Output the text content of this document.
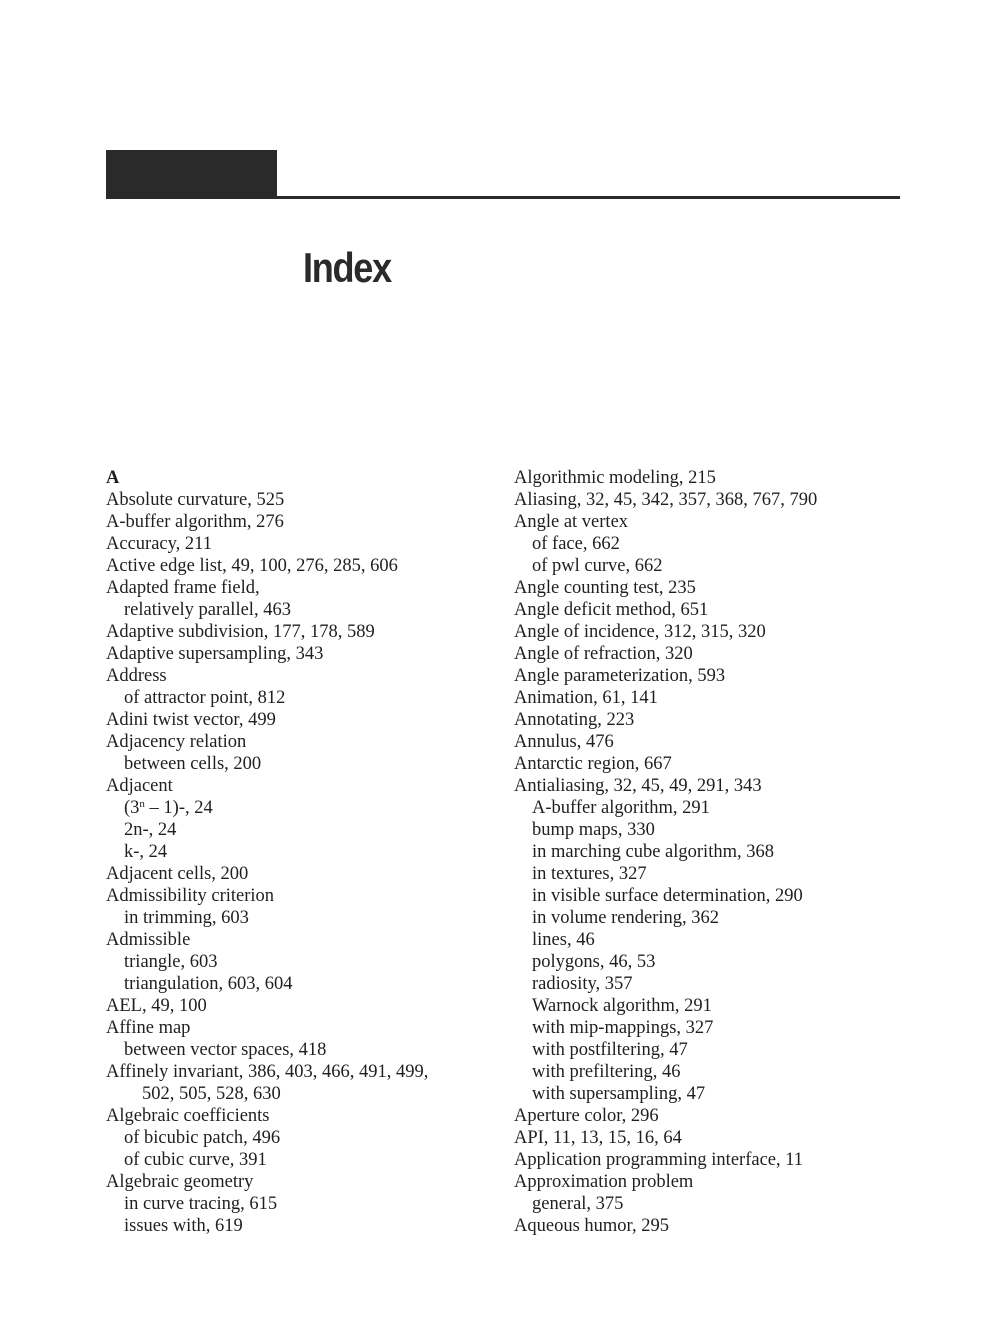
Index
A
Absolute curvature, 525
A-buffer algorithm, 276
Accuracy, 211
Active edge list, 49, 100, 276, 285, 606
Adapted frame field,
relatively parallel, 463
Adaptive subdivision, 177, 178, 589
Adaptive supersampling, 343
Address
of attractor point, 812
Adini twist vector, 499
Adjacency relation
between cells, 200
Adjacent
(3$^n$ – 1)-, 24
2n-, 24
k-, 24
Adjacent cells, 200
Admissibility criterion
in trimming, 603
Admissible
triangle, 603
triangulation, 603, 604
AEL, 49, 100
Affine map
between vector spaces, 418
Affinely invariant, 386, 403, 466, 491, 499,
502, 505, 528, 630
Algebraic coefficients
of bicubic patch, 496
of cubic curve, 391
Algebraic geometry
in curve tracing, 615
issues with, 619
Algorithmic modeling, 215
Aliasing, 32, 45, 342, 357, 368, 767, 790
Angle at vertex
of face, 662
of pwl curve, 662
Angle counting test, 235
Angle deficit method, 651
Angle of incidence, 312, 315, 320
Angle of refraction, 320
Angle parameterization, 593
Animation, 61, 141
Annotating, 223
Annulus, 476
Antarctic region, 667
Antialiasing, 32, 45, 49, 291, 343
A-buffer algorithm, 291
bump maps, 330
in marching cube algorithm, 368
in textures, 327
in visible surface determination, 290
in volume rendering, 362
lines, 46
polygons, 46, 53
radiosity, 357
Warnock algorithm, 291
with mip-mappings, 327
with postfiltering, 47
with prefiltering, 46
with supersampling, 47
Aperture color, 296
API, 11, 13, 15, 16, 64
Application programming interface, 11
Approximation problem
general, 375
Aqueous humor, 295
